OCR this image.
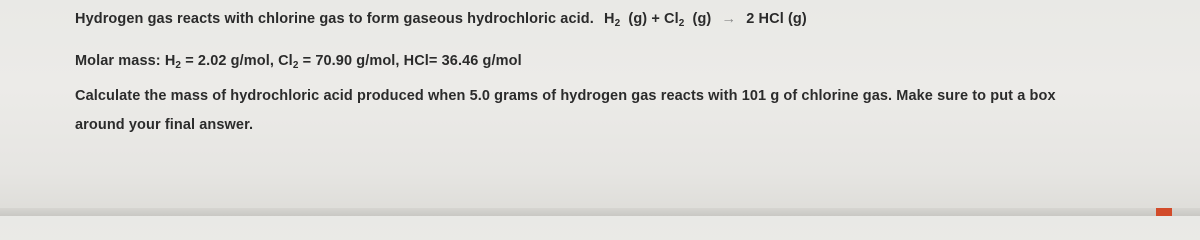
Hydrogen gas reacts with chlorine gas to form gaseous hydrochloric acid. $H_2$ $(g) + Cl_2$ (g) → 2 HCl (g)
Molar mass: $H_2 = 2.02$ g/mol, $Cl_2 = 70.90$ g/mol, HCl= 36.46 g/mol
Calculate the mass of hydrochloric acid produced when 5.0 grams of hydrogen gas reacts with 101 g of chlorine gas. Make sure to put a box
around your final answer.
